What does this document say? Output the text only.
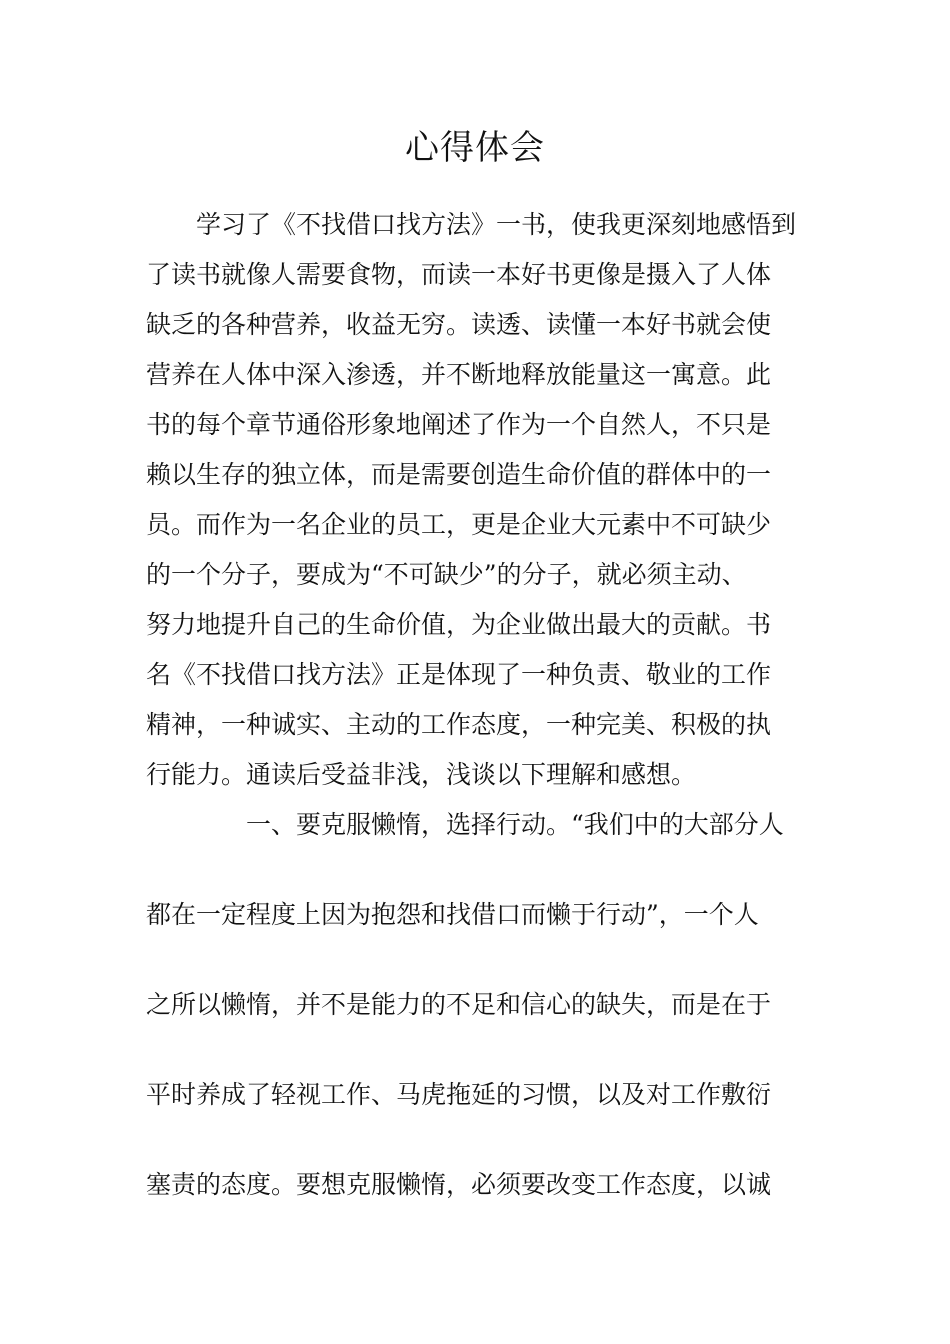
心得体会
　　学习了《不找借口找方法》一书，使我更深刻地感悟到
了读书就像人需要食物，而读一本好书更像是摄入了人体
缺乏的各种营养，收益无穷。读透、读懂一本好书就会使
营养在人体中深入渗透，并不断地释放能量这一寓意。此
书的每个章节通俗形象地阐述了作为一个自然人，不只是
赖以生存的独立体，而是需要创造生命价值的群体中的一
员。而作为一名企业的员工，更是企业大元素中不可缺少
的一个分子，要成为“不可缺少”的分子，就必须主动、
努力地提升自己的生命价值，为企业做出最大的贡献。书
名《不找借口找方法》正是体现了一种负责、敬业的工作
精神，一种诚实、主动的工作态度，一种完美、积极的执
行能力。通读后受益非浅，浅谈以下理解和感想。
　　　　一、要克服懒惰，选择行动。“我们中的大部分人
都在一定程度上因为抱怨和找借口而懒于行动”，一个人
之所以懒惰，并不是能力的不足和信心的缺失，而是在于
平时养成了轻视工作、马虎拖延的习惯，以及对工作敷衍
塞责的态度。要想克服懒惰，必须要改变工作态度，以诚
